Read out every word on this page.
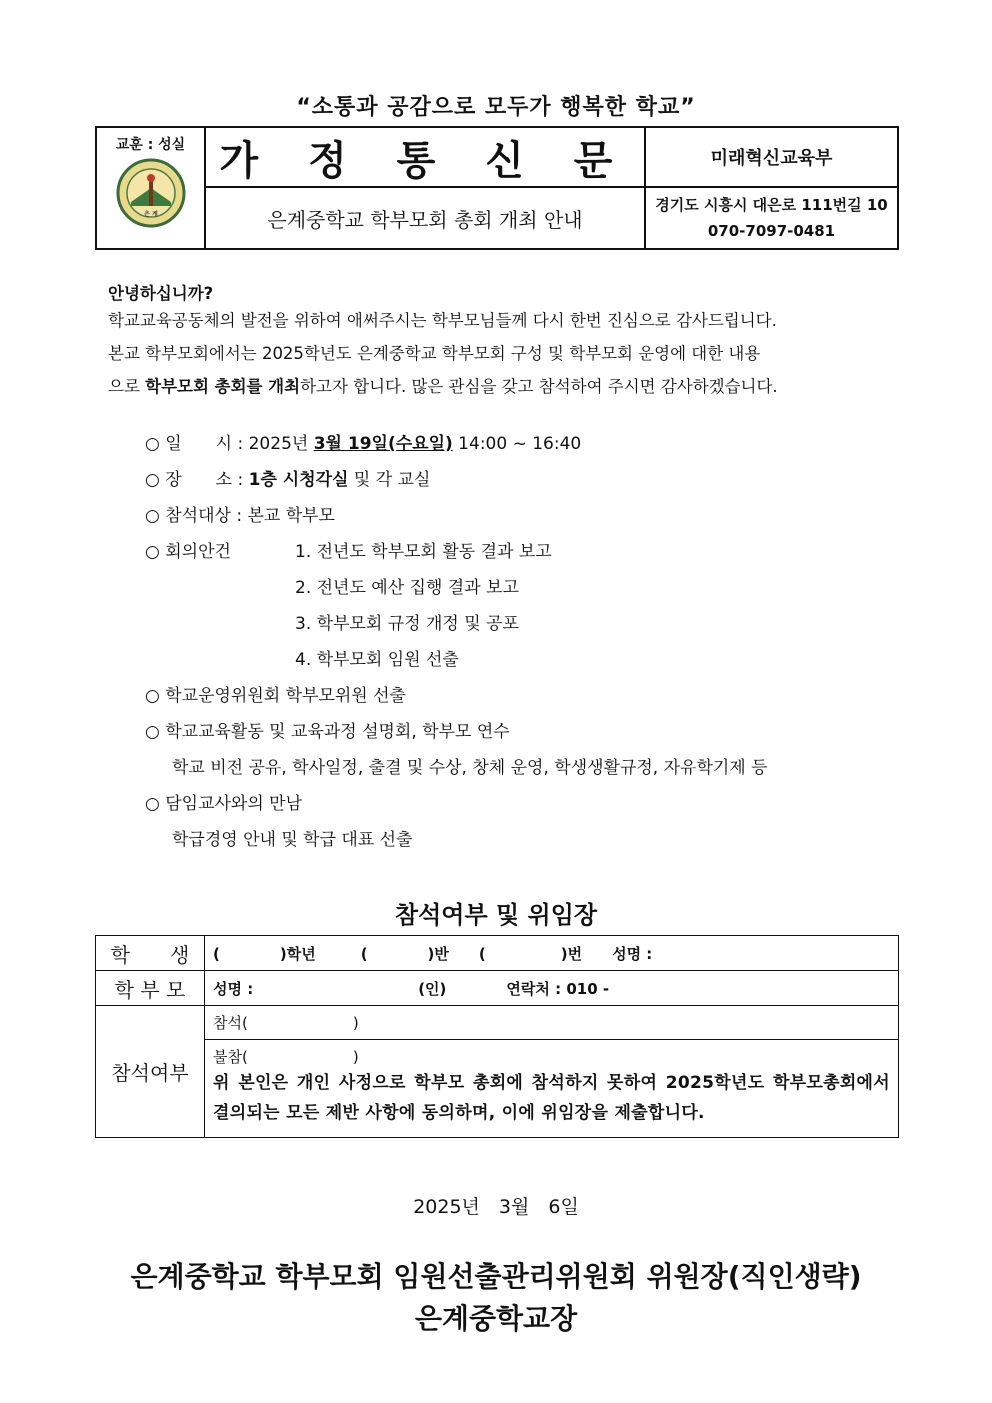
“소통과 공감으로 모두가 행복한 학교”
교훈 : 성실
은 계	가 정 통 신 문	미래혁신교육부
	은계중학교 학부모회 총회 개최 안내	경기도 시흥시 대은로 111번길 10
070-7097-0481
안녕하십니까?
학교교육공동체의 발전을 위하여 애써주시는 학부모님들께 다시 한번 진심으로 감사드립니다.
본교 학부모회에서는 2025학년도 은계중학교 학부모회 구성 및 학부모회 운영에 대한 내용
으로 학부모회 총회를 개최하고자 합니다. 많은 관심을 갖고 참석하여 주시면 감사하겠습니다.
○ 일　　시 : 2025년 3월 19일(수요일) 14:00 ~ 16:40
○ 장　　소 : 1층 시청각실 및 각 교실
○ 참석대상 : 본교 학부모
○ 회의안건	1. 전년도 학부모회 활동 결과 보고
2. 전년도 예산 집행 결과 보고
3. 학부모회 규정 개정 및 공포
4. 학부모회 임원 선출
○ 학교운영위원회 학부모위원 선출
○ 학교교육활동 및 교육과정 설명회, 학부모 연수
학교 비전 공유, 학사일정, 출결 및 수상, 창체 운영, 학생생활규정, 자유학기제 등
○ 담임교사와의 만남
학급경영 안내 및 학급 대표 선출
참석여부 및 위임장
학　　생	(　　　　)학년　　　(　　　　)반　　(　　　　　)번　　성명 :
학 부 모	성명 :　　　　　　　　　　　(인)　　　　연락처 : 010 -
참석여부	참석(　　　　　　　)

	불참(　　　　　　　)
위 본인은 개인 사정으로 학부모 총회에 참석하지 못하여 2025학년도 학부모총회에서 결의되는 모든 제반 사항에 동의하며, 이에 위임장을 제출합니다.
2025년　3월　6일
은계중학교 학부모회 임원선출관리위원회 위원장(직인생략)
은계중학교장
